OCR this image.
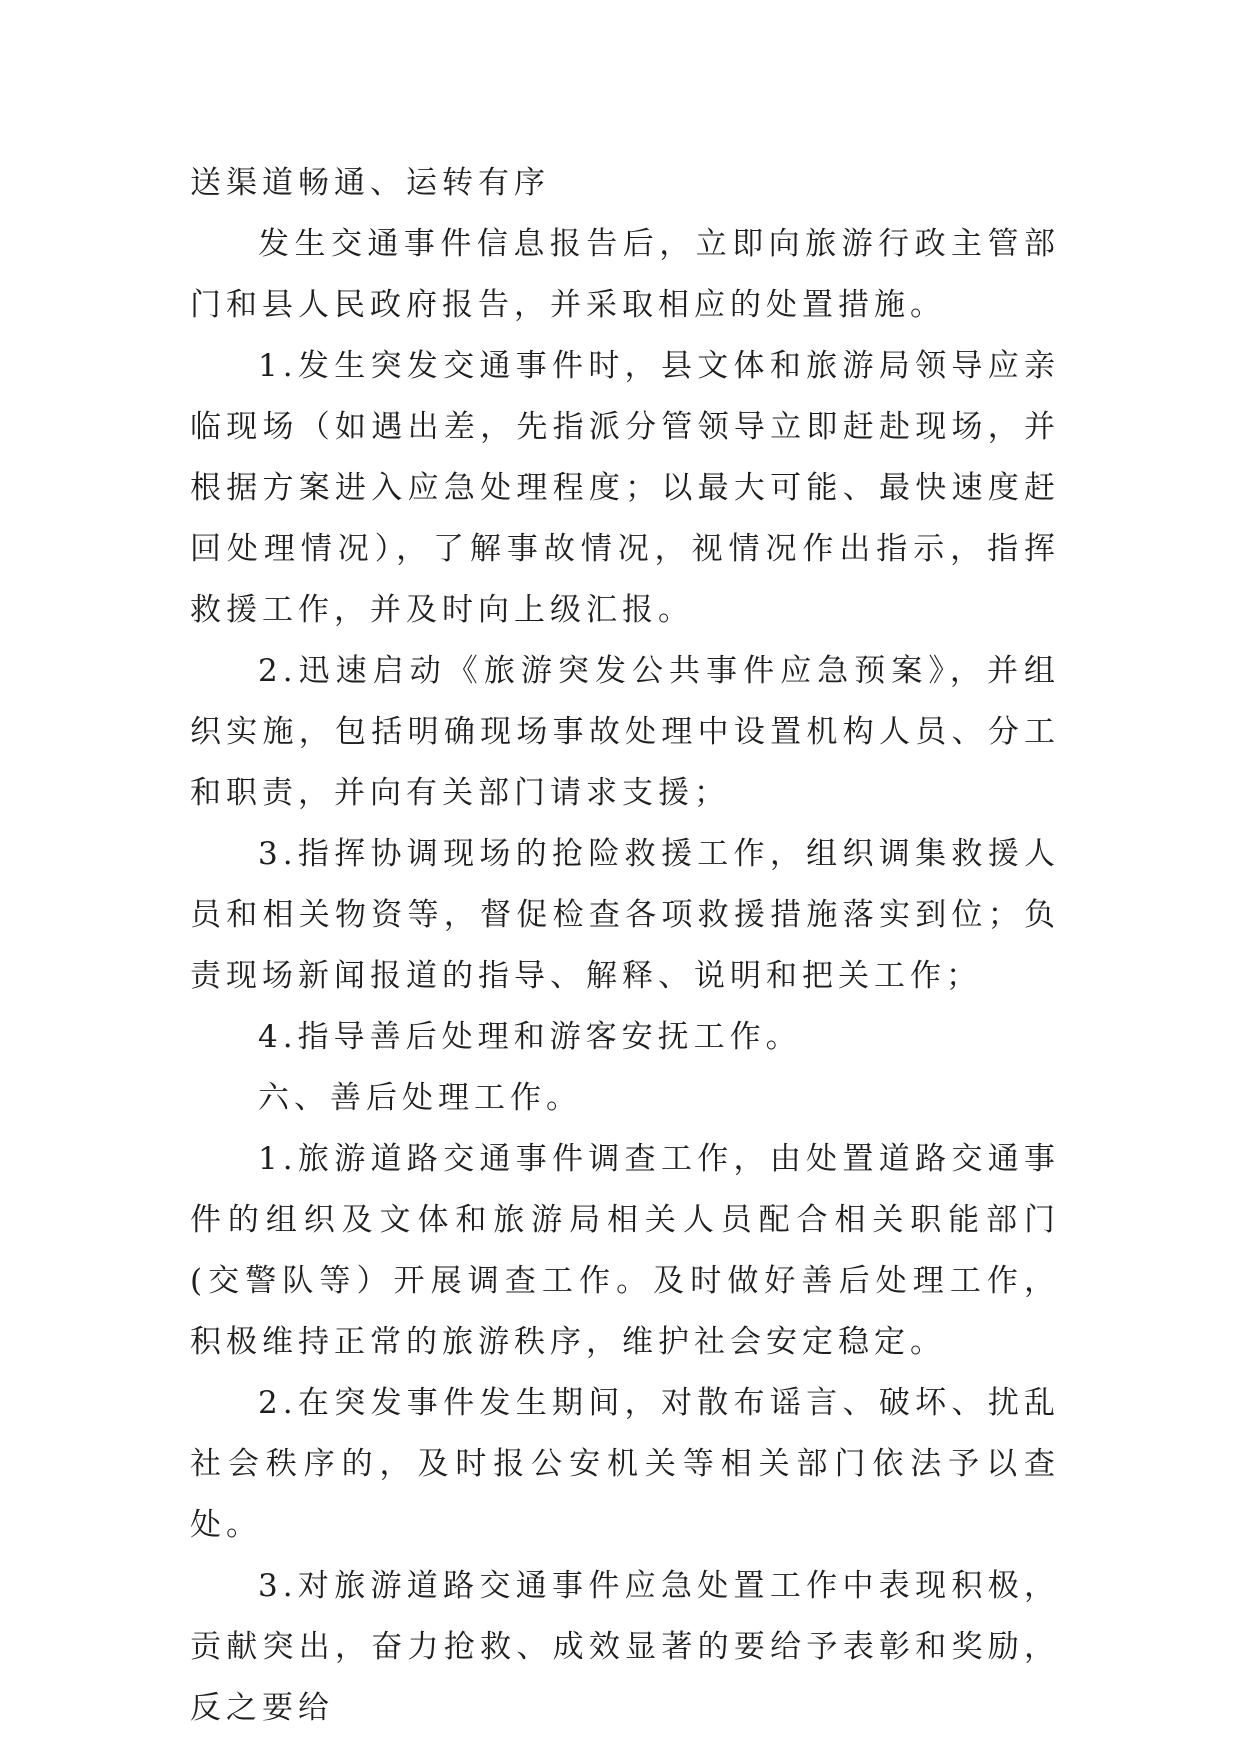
送渠道畅通、运转有序

发生交通事件信息报告后，立即向旅游行政主管部门和县人民政府报告，并采取相应的处置措施。

1.发生突发交通事件时，县文体和旅游局领导应亲临现场（如遇出差，先指派分管领导立即赶赴现场，并根据方案进入应急处理程度；以最大可能、最快速度赶回处理情况），了解事故情况，视情况作出指示，指挥救援工作，并及时向上级汇报。

2.迅速启动《旅游突发公共事件应急预案》，并组织实施，包括明确现场事故处理中设置机构人员、分工和职责，并向有关部门请求支援；

3.指挥协调现场的抢险救援工作，组织调集救援人员和相关物资等，督促检查各项救援措施落实到位；负责现场新闻报道的指导、解释、说明和把关工作；

4.指导善后处理和游客安抚工作。

六、善后处理工作。

1.旅游道路交通事件调查工作，由处置道路交通事件的组织及文体和旅游局相关人员配合相关职能部门(交警队等）开展调查工作。及时做好善后处理工作，积极维持正常的旅游秩序，维护社会安定稳定。

2.在突发事件发生期间，对散布谣言、破坏、扰乱社会秩序的，及时报公安机关等相关部门依法予以查处。

3.对旅游道路交通事件应急处置工作中表现积极，贡献突出，奋力抢救、成效显著的要给予表彰和奖励，反之要给
